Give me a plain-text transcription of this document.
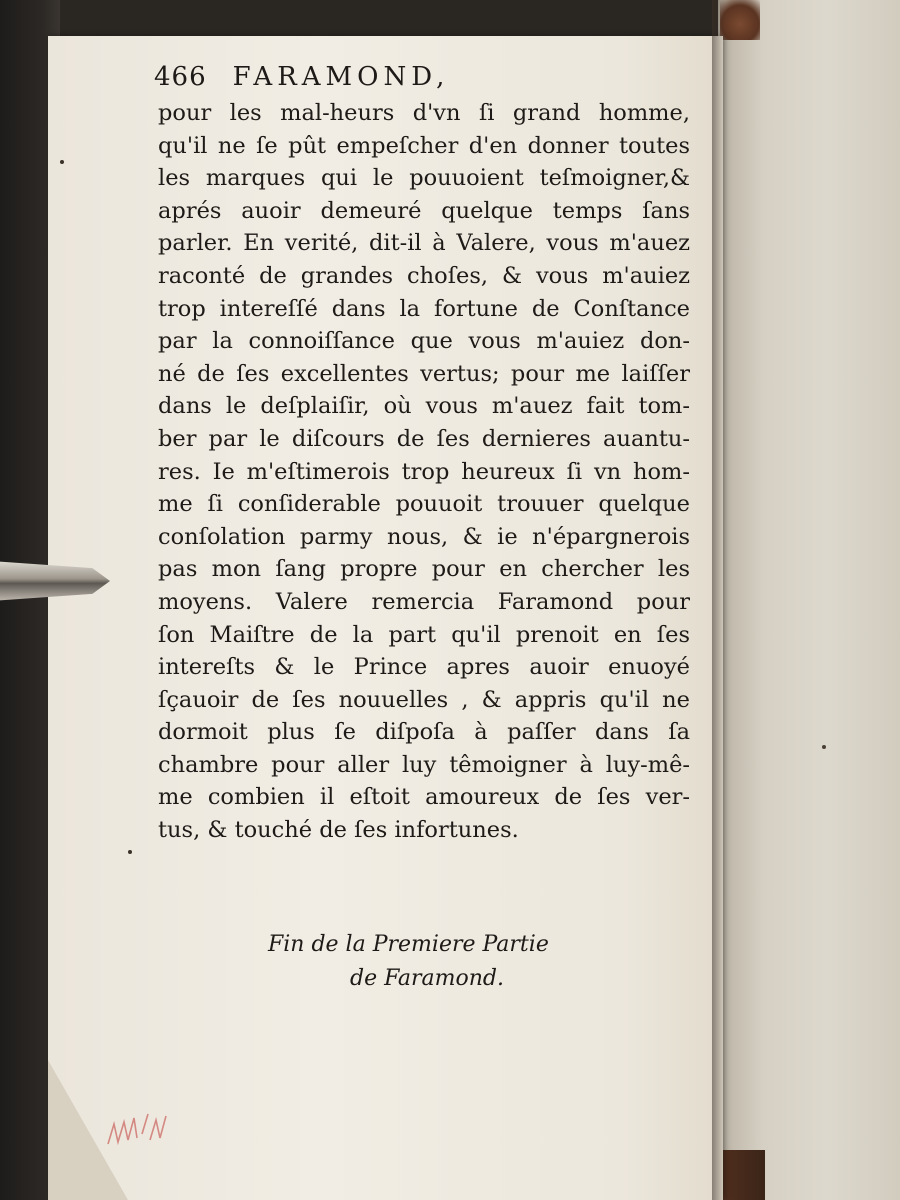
466 FARAMOND,
pour les mal-heurs d'vn ſi grand homme,
qu'il ne ſe pût empeſcher d'en donner toutes
les marques qui le pouuoient teſmoigner,&
aprés auoir demeuré quelque temps ſans
parler. En verité, dit-il à Valere, vous m'auez
raconté de grandes choſes, & vous m'auiez
trop intereſſé dans la fortune de Conſtance
par la connoiſſance que vous m'auiez don-
né de ſes excellentes vertus; pour me laiſſer
dans le deſplaiſir, où vous m'auez fait tom-
ber par le diſcours de ſes dernieres auantu-
res. Ie m'eſtimerois trop heureux ſi vn hom-
me ſi conſiderable pouuoit trouuer quelque
conſolation parmy nous, & ie n'épargnerois
pas mon ſang propre pour en chercher les
moyens. Valere remercia Faramond pour
ſon Maiſtre de la part qu'il prenoit en ſes
intereſts & le Prince apres auoir enuoyé
ſçauoir de ſes nouuelles , & appris qu'il ne
dormoit plus ſe diſpoſa à paſſer dans ſa
chambre pour aller luy têmoigner à luy-mê-
me combien il eſtoit amoureux de ſes ver-
tus, & touché de ſes infortunes.
Fin de la Premiere Partie
de Faramond.
